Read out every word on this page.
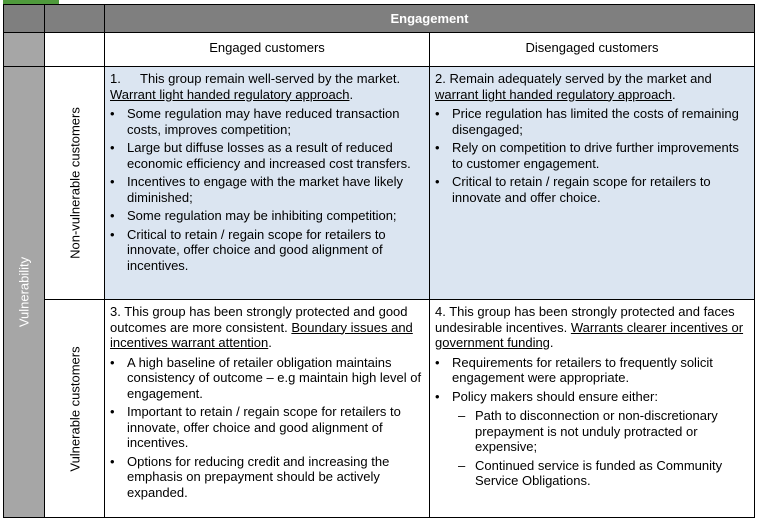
Engagement
Engaged customers	Disengaged customers
Vulnerability
Non-vulnerable customers
Vulnerable customers

1. This group remain well-served by the market.
Warrant light handed regulatory approach.

• Some regulation may have reduced transaction costs, improves competition;
• Large but diffuse losses as a result of reduced economic efficiency and increased cost transfers.
• Incentives to engage with the market have likely diminished;
• Some regulation may be inhibiting competition;
• Critical to retain / regain scope for retailers to innovate, offer choice and good alignment of incentives.

2. Remain adequately served by the market and
warrant light handed regulatory approach.

• Price regulation has limited the costs of remaining disengaged;
• Rely on competition to drive further improvements to customer engagement.
• Critical to retain / regain scope for retailers to innovate and offer choice.

3. This group has been strongly protected and good outcomes are more consistent. Boundary issues and incentives warrant attention.

• A high baseline of retailer obligation maintains consistency of outcome – e.g maintain high level of engagement.
• Important to retain / regain scope for retailers to innovate, offer choice and good alignment of incentives.
• Options for reducing credit and increasing the emphasis on prepayment should be actively expanded.

4. This group has been strongly protected and faces undesirable incentives. Warrants clearer incentives or government funding.

• Requirements for retailers to frequently solicit engagement were appropriate.
• Policy makers should ensure either:
– Path to disconnection or non-discretionary prepayment is not unduly protracted or expensive;
– Continued service is funded as Community Service Obligations.
